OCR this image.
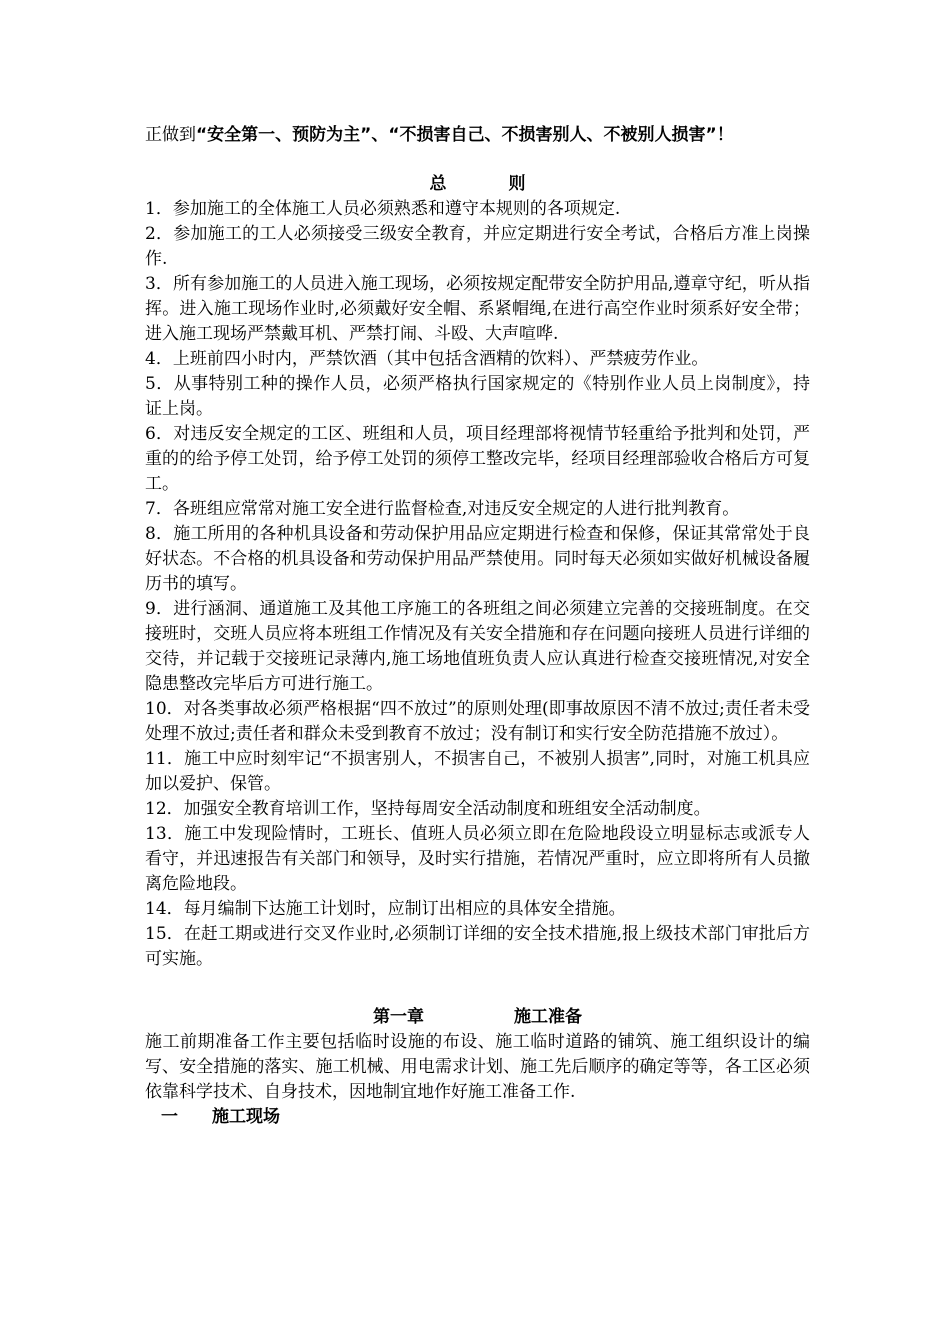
正做到“安全第一、预防为主”、“不损害自己、不损害别人、不被别人损害”！

总 则

1．参加施工的全体施工人员必须熟悉和遵守本规则的各项规定.

2．参加施工的工人必须接受三级安全教育，并应定期进行安全考试，合格后方准上岗操作.

3．所有参加施工的人员进入施工现场，必须按规定配带安全防护用品,遵章守纪，听从指挥。进入施工现场作业时,必须戴好安全帽、系紧帽绳,在进行高空作业时须系好安全带；进入施工现场严禁戴耳机、严禁打闹、斗殴、大声喧哗.

4．上班前四小时内，严禁饮酒（其中包括含酒精的饮料）、严禁疲劳作业。

5．从事特别工种的操作人员，必须严格执行国家规定的《特别作业人员上岗制度》，持证上岗。

6．对违反安全规定的工区、班组和人员，项目经理部将视情节轻重给予批判和处罚，严重的的给予停工处罚，给予停工处罚的须停工整改完毕，经项目经理部验收合格后方可复工。

7．各班组应常常对施工安全进行监督检查,对违反安全规定的人进行批判教育。

8．施工所用的各种机具设备和劳动保护用品应定期进行检查和保修，保证其常常处于良好状态。不合格的机具设备和劳动保护用品严禁使用。同时每天必须如实做好机械设备履历书的填写。

9．进行涵洞、通道施工及其他工序施工的各班组之间必须建立完善的交接班制度。在交接班时，交班人员应将本班组工作情况及有关安全措施和存在问题向接班人员进行详细的交待，并记载于交接班记录薄内,施工场地值班负责人应认真进行检查交接班情况,对安全隐患整改完毕后方可进行施工。

10．对各类事故必须严格根据“四不放过”的原则处理(即事故原因不清不放过;责任者未受处理不放过;责任者和群众未受到教育不放过；没有制订和实行安全防范措施不放过）。

11．施工中应时刻牢记“不损害别人，不损害自己，不被别人损害”,同时，对施工机具应加以爱护、保管。

12．加强安全教育培训工作，坚持每周安全活动制度和班组安全活动制度。

13．施工中发现险情时，工班长、值班人员必须立即在危险地段设立明显标志或派专人看守，并迅速报告有关部门和领导，及时实行措施，若情况严重时，应立即将所有人员撤离危险地段。

14．每月编制下达施工计划时，应制订出相应的具体安全措施。

15．在赶工期或进行交叉作业时,必须制订详细的安全技术措施,报上级技术部门审批后方可实施。

第一章	施工准备

施工前期准备工作主要包括临时设施的布设、施工临时道路的铺筑、施工组织设计的编写、安全措施的落实、施工机械、用电需求计划、施工先后顺序的确定等等，各工区必须依靠科学技术、自身技术，因地制宜地作好施工准备工作.

一 施工现场
